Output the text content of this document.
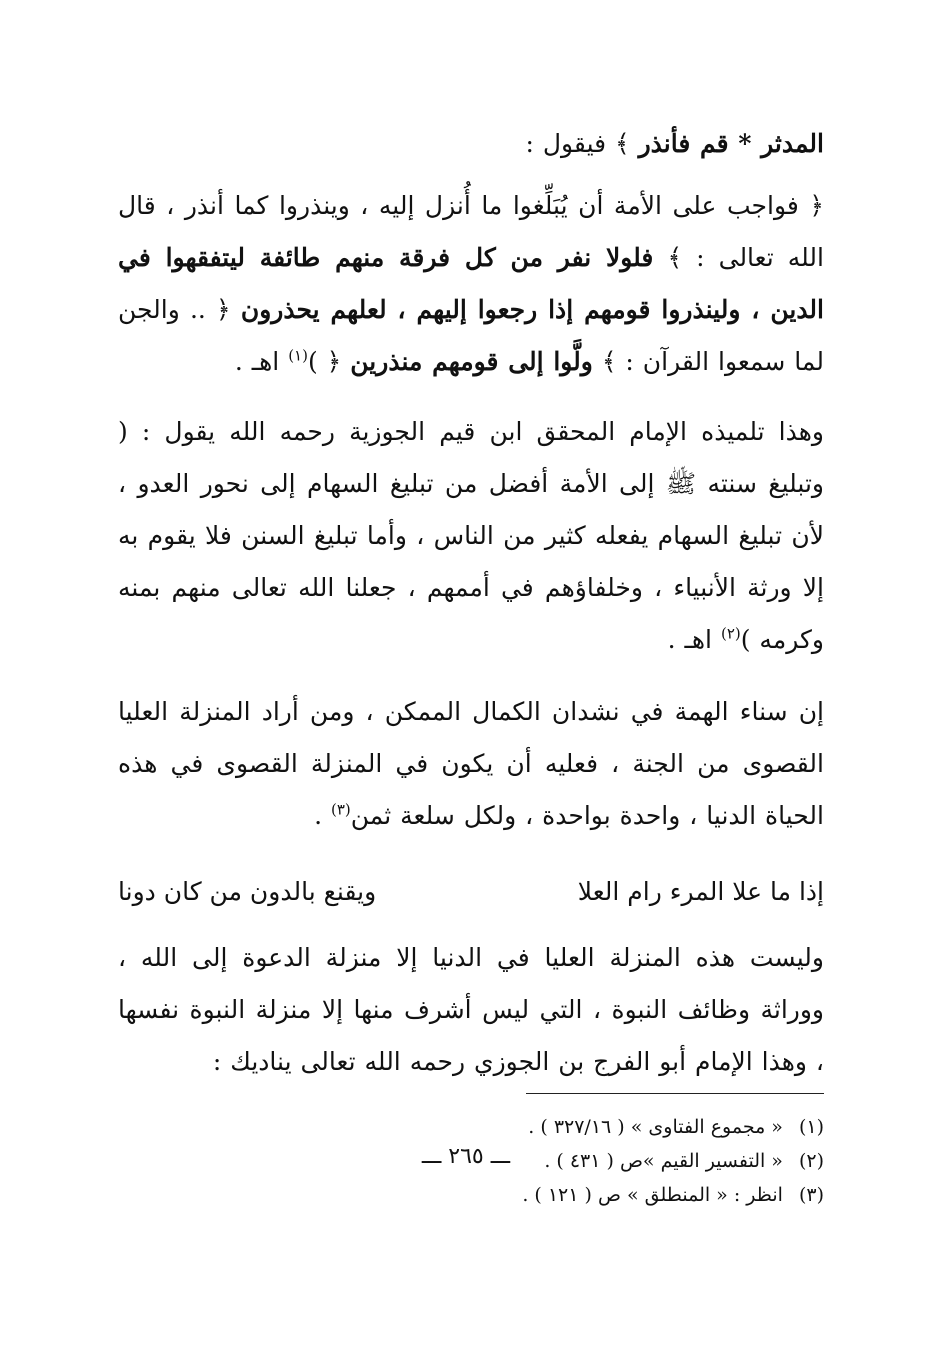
المدثر * قم فأنذر ﴾ فيقول :

﴿ فواجب على الأمة أن يُبَلِّغوا ما أُنزل إليه ، وينذروا كما أنذر ، قال الله تعالى : ﴾ فلولا نفر من كل فرقة منهم طائفة ليتفقهوا في الدين ، ولينذروا قومهم إذا رجعوا إليهم ، لعلهم يحذرون ﴿ .. والجن لما سمعوا القرآن : ﴾ ولَّوا إلى قومهم منذرين ﴿ )$^{(١)}$ اهـ .

وهذا تلميذه الإمام المحقق ابن قيم الجوزية رحمه الله يقول : ( وتبليغ سنته ﷺ إلى الأمة أفضل من تبليغ السهام إلى نحور العدو ، لأن تبليغ السهام يفعله كثير من الناس ، وأما تبليغ السنن فلا يقوم به إلا ورثة الأنبياء ، وخلفاؤهم في أممهم ، جعلنا الله تعالى منهم بمنه وكرمه )$^{(٢)}$ اهـ .

إن سناء الهمة في نشدان الكمال الممكن ، ومن أراد المنزلة العليا القصوى من الجنة ، فعليه أن يكون في المنزلة القصوى في هذه الحياة الدنيا ، واحدة بواحدة ، ولكل سلعة ثمن$^{(٣)}$ .

إذا ما علا المرء رام العلا
ويقنع بالدون من كان دونا

وليست هذه المنزلة العليا في الدنيا إلا منزلة الدعوة إلى الله ، ووراثة وظائف النبوة ، التي ليس أشرف منها إلا منزلة النبوة نفسها ، وهذا الإمام أبو الفرج بن الجوزي رحمه الله تعالى يناديك :

(١)« مجموع الفتاوى » ( ٣٢٧/١٦ ) .
(٢)« التفسير القيم »ص ( ٤٣١ ) .
(٣)انظر : « المنطلق » ص ( ١٢١ ) .
ـــ ٢٦٥ ـــ
